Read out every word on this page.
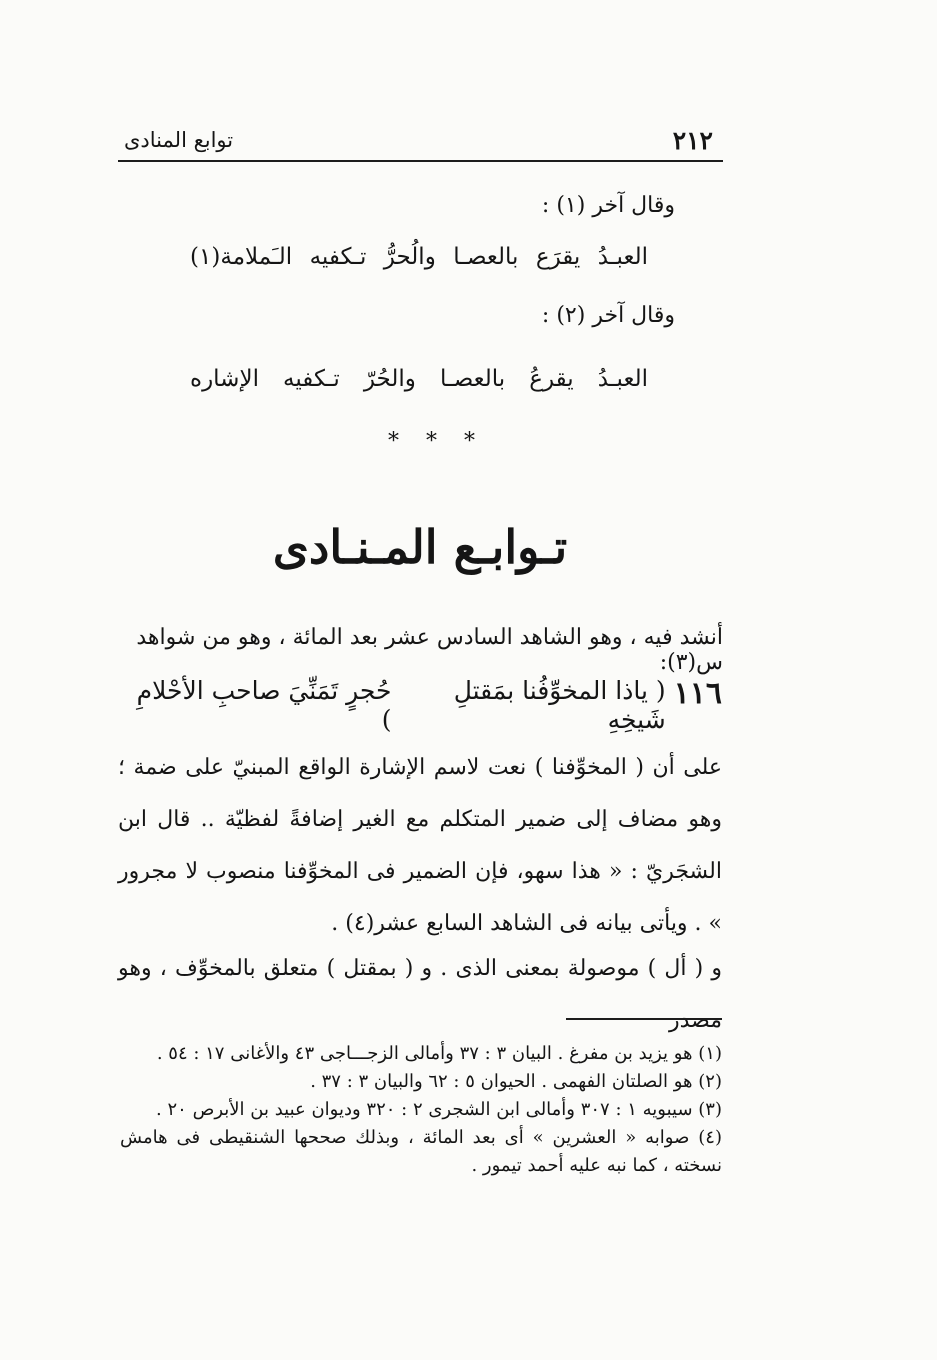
٢١٢
توابع المنادى
وقال آخر (١) :
العبـدُ
يقرَع
بالعصـا
والُحرُّ
تـكفيه
الـَملامة(١)
وقال آخر (٢) :
العبـدُ
يقرعُ
بالعصـا
والحُرّ
تـكفيه
الإشاره
* * *
تـوابـع المـنـادى
أنشد فيه ، وهو الشاهد السادس عشر بعد المائة ، وهو من شواهد س(٣):
١١٦
( ياذا المخوِّفُنا بمَقتلِ شَيخِهِ
حُجرٍ تَمَنِّيَ صاحبِ الأحْلامِ )
على أن ( المخوِّفنا ) نعت لاسم الإشارة الواقع المبنيّ على ضمة ؛ وهو مضاف إلى ضمير المتكلم مع الغير إضافةً لفظيّة .. قال ابن الشجَريّ : « هذا سهو، فإن الضمير فى المخوِّفنا منصوب لا مجرور » . ويأتى بيانه فى الشاهد السابع عشر(٤) .
و ( أل ) موصولة بمعنى الذى . و ( بمقتل ) متعلق بالمخوِّف ، وهو مصدر

(١) هو يزيد بن مفرغ . البيان ٣ : ٣٧ وأمالى الزجـــاجى ٤٣ والأغانى ١٧ : ٥٤ .

(٢) هو الصلتان الفهمى . الحيوان ٥ : ٦٢ والبيان ٣ : ٣٧ .

(٣) سيبويه ١ : ٣٠٧ وأمالى ابن الشجرى ٢ : ٣٢٠ وديوان عبيد بن الأبرص ٢٠ .

(٤) صوابه « العشرين » أى بعد المائة ، وبذلك صححها الشنقيطى فى هامش نسخته ، كما نبه عليه أحمد تيمور .
